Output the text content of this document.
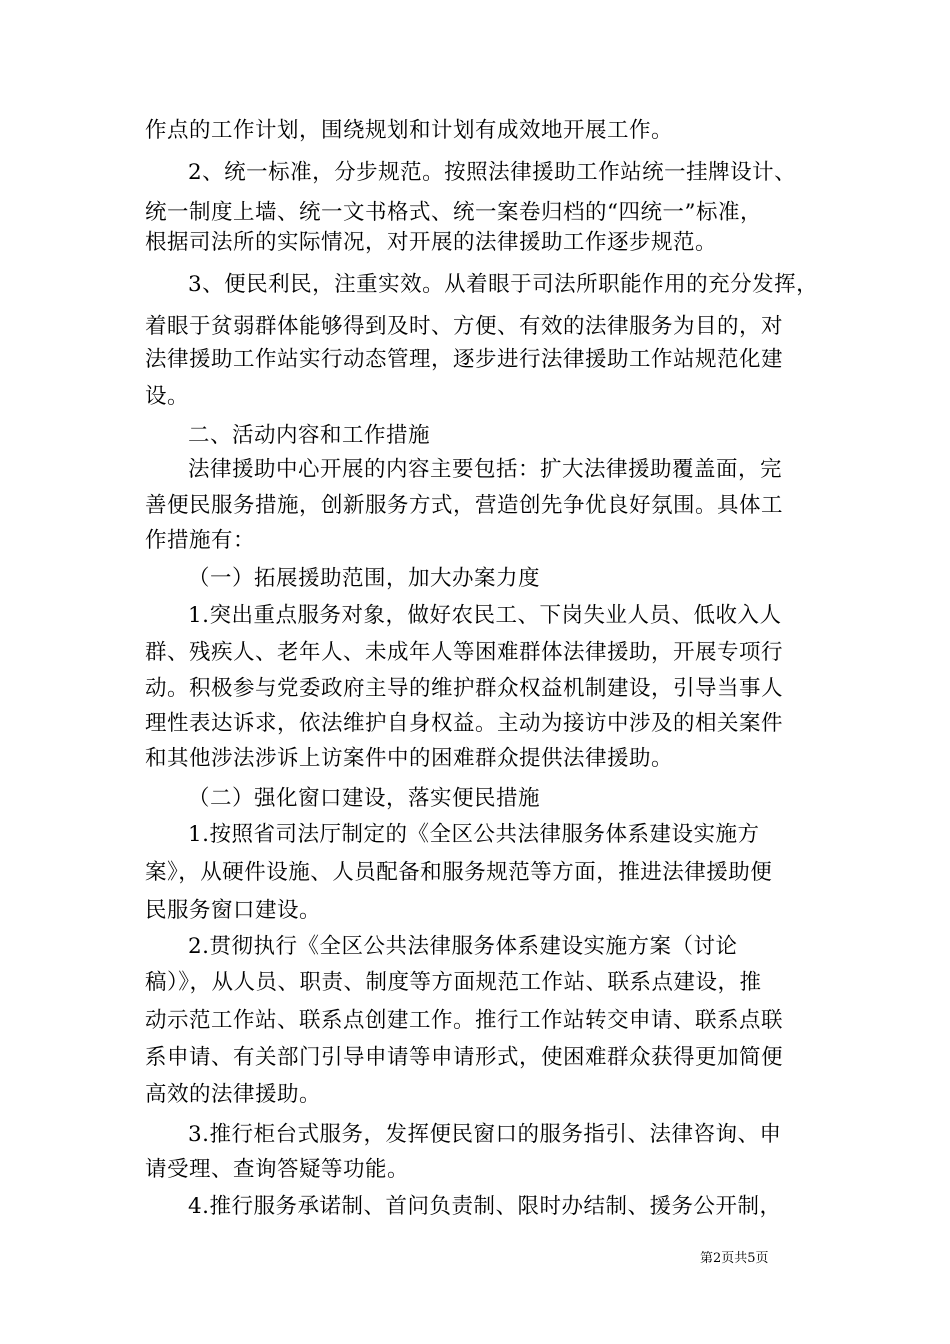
作点的工作计划，围绕规划和计划有成效地开展工作。
2、统一标准，分步规范。按照法律援助工作站统一挂牌设计、
统一制度上墙、统一文书格式、统一案卷归档的“四统一”标准，
根据司法所的实际情况，对开展的法律援助工作逐步规范。
3、便民利民，注重实效。从着眼于司法所职能作用的充分发挥，
着眼于贫弱群体能够得到及时、方便、有效的法律服务为目的，对
法律援助工作站实行动态管理，逐步进行法律援助工作站规范化建
设。
二、活动内容和工作措施
法律援助中心开展的内容主要包括：扩大法律援助覆盖面，完
善便民服务措施，创新服务方式，营造创先争优良好氛围。具体工
作措施有：
（一）拓展援助范围，加大办案力度
1.突出重点服务对象，做好农民工、下岗失业人员、低收入人
群、残疾人、老年人、未成年人等困难群体法律援助，开展专项行
动。积极参与党委政府主导的维护群众权益机制建设，引导当事人
理性表达诉求，依法维护自身权益。主动为接访中涉及的相关案件
和其他涉法涉诉上访案件中的困难群众提供法律援助。
（二）强化窗口建设，落实便民措施
1.按照省司法厅制定的《全区公共法律服务体系建设实施方
案》，从硬件设施、人员配备和服务规范等方面，推进法律援助便
民服务窗口建设。
2.贯彻执行《全区公共法律服务体系建设实施方案（讨论
稿）》，从人员、职责、制度等方面规范工作站、联系点建设，推
动示范工作站、联系点创建工作。推行工作站转交申请、联系点联
系申请、有关部门引导申请等申请形式，使困难群众获得更加简便
高效的法律援助。
3.推行柜台式服务，发挥便民窗口的服务指引、法律咨询、申
请受理、查询答疑等功能。
4.推行服务承诺制、首问负责制、限时办结制、援务公开制，
第2页共5页
